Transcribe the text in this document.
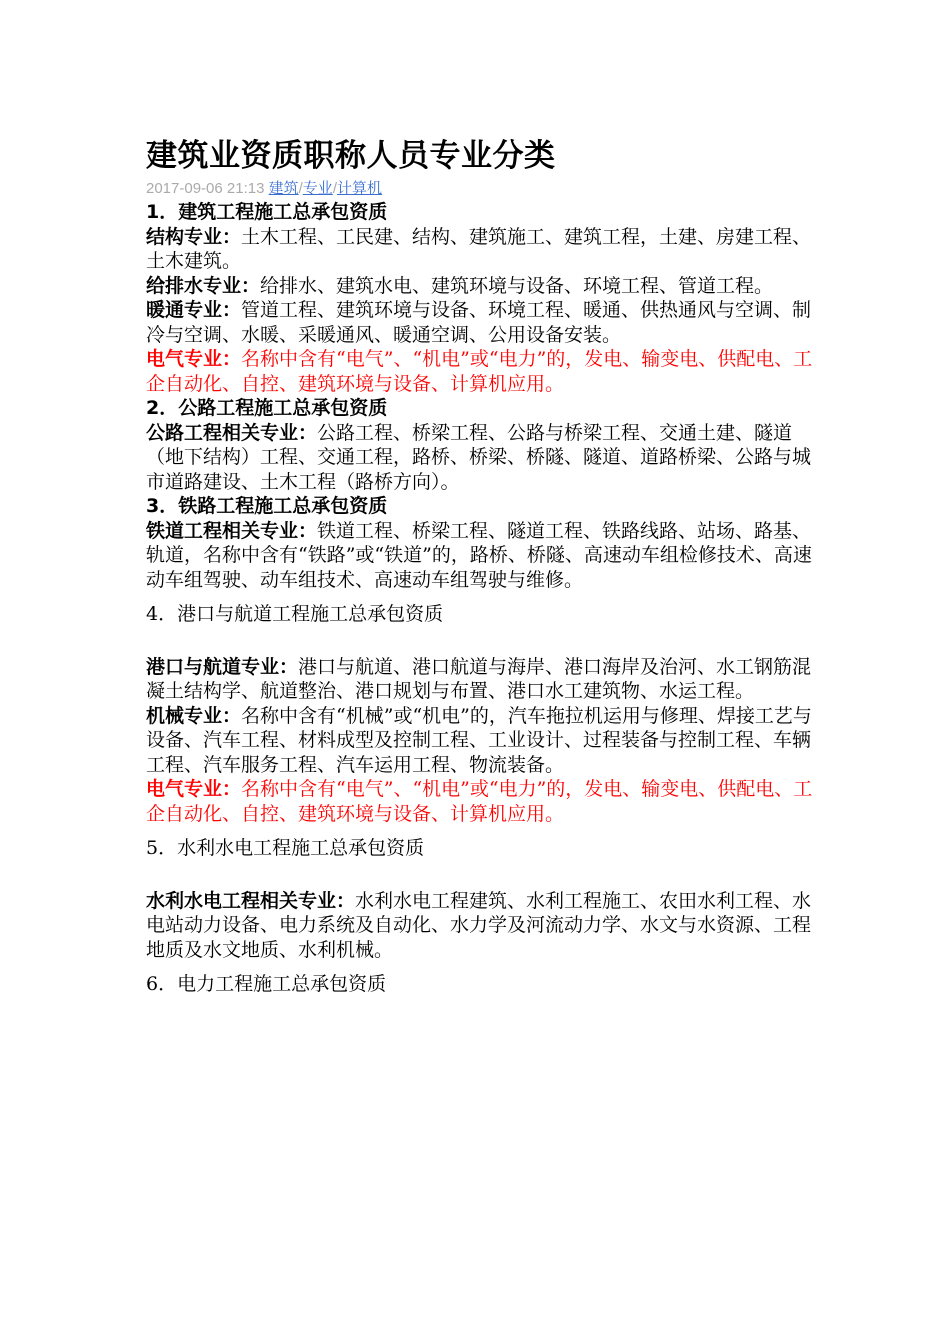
建筑业资质职称人员专业分类
2017-09-06 21:13 建筑/专业/计算机

1．建筑工程施工总承包资质

结构专业：土木工程、工民建、结构、建筑施工、建筑工程，土建、房建工程、土木建筑。

给排水专业：给排水、建筑水电、建筑环境与设备、环境工程、管道工程。

暖通专业：管道工程、建筑环境与设备、环境工程、暖通、供热通风与空调、制冷与空调、水暖、采暖通风、暖通空调、公用设备安装。

电气专业：名称中含有“电气”、“机电”或“电力”的，发电、输变电、供配电、工企自动化、自控、建筑环境与设备、计算机应用。

2．公路工程施工总承包资质

公路工程相关专业：公路工程、桥梁工程、公路与桥梁工程、交通土建、隧道（地下结构）工程、交通工程，路桥、桥梁、桥隧、隧道、道路桥梁、公路与城市道路建设、土木工程（路桥方向）。

3．铁路工程施工总承包资质

铁道工程相关专业：铁道工程、桥梁工程、隧道工程、铁路线路、站场、路基、轨道，名称中含有“铁路”或“铁道”的，路桥、桥隧、高速动车组检修技术、高速动车组驾驶、动车组技术、高速动车组驾驶与维修。

4．港口与航道工程施工总承包资质

港口与航道专业：港口与航道、港口航道与海岸、港口海岸及治河、水工钢筋混凝土结构学、航道整治、港口规划与布置、港口水工建筑物、水运工程。

机械专业：名称中含有“机械”或“机电”的，汽车拖拉机运用与修理、焊接工艺与设备、汽车工程、材料成型及控制工程、工业设计、过程装备与控制工程、车辆工程、汽车服务工程、汽车运用工程、物流装备。

电气专业：名称中含有“电气”、“机电”或“电力”的，发电、输变电、供配电、工企自动化、自控、建筑环境与设备、计算机应用。

5．水利水电工程施工总承包资质

水利水电工程相关专业：水利水电工程建筑、水利工程施工、农田水利工程、水电站动力设备、电力系统及自动化、水力学及河流动力学、水文与水资源、工程地质及水文地质、水利机械。

6．电力工程施工总承包资质
